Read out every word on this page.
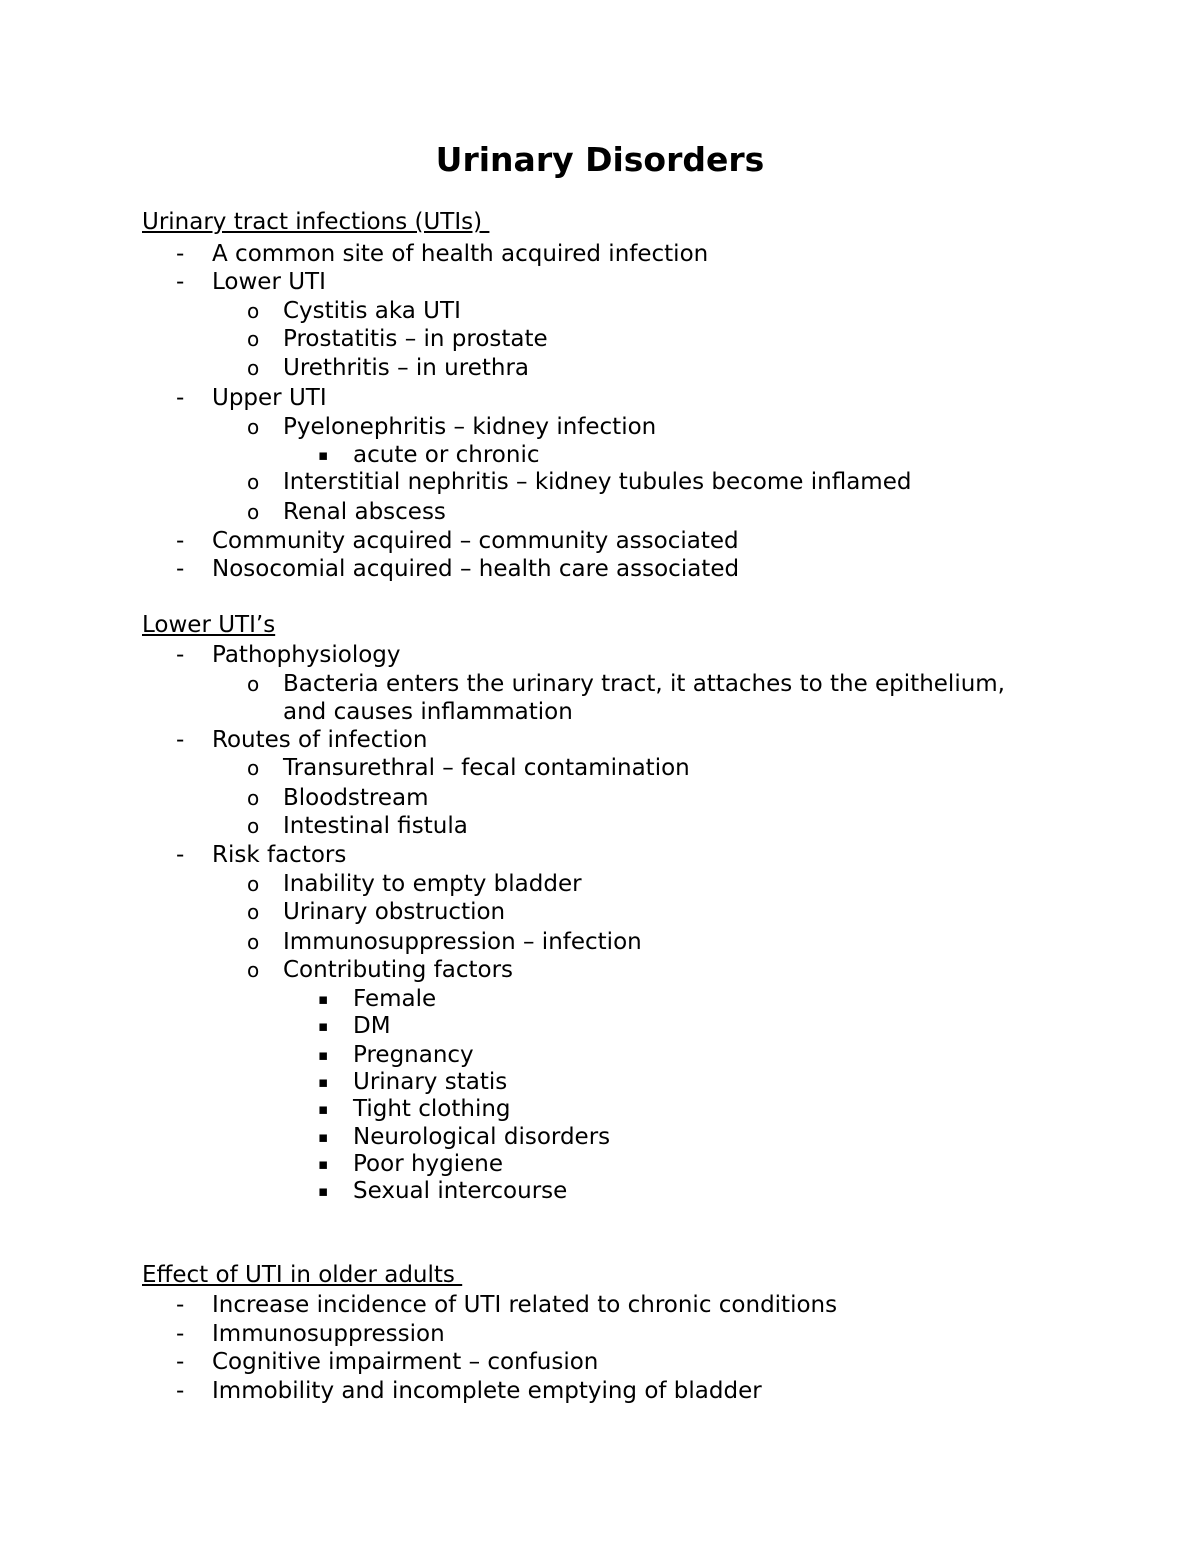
Urinary Disorders
Urinary tract infections (UTIs)
- A common site of health acquired infection
- Lower UTI
o Cystitis aka UTI
o Prostatitis – in prostate
o Urethritis – in urethra
- Upper UTI
o Pyelonephritis – kidney infection
▪ acute or chronic
o Interstitial nephritis – kidney tubules become inflamed
o Renal abscess
- Community acquired – community associated
- Nosocomial acquired – health care associated
Lower UTI’s
- Pathophysiology
o Bacteria enters the urinary tract, it attaches to the epithelium,
and causes inflammation
- Routes of infection
o Transurethral – fecal contamination
o Bloodstream
o Intestinal fistula
- Risk factors
o Inability to empty bladder
o Urinary obstruction
o Immunosuppression – infection
o Contributing factors
▪ Female
▪ DM
▪ Pregnancy
▪ Urinary statis
▪ Tight clothing
▪ Neurological disorders
▪ Poor hygiene
▪ Sexual intercourse
Effect of UTI in older adults
- Increase incidence of UTI related to chronic conditions
- Immunosuppression
- Cognitive impairment – confusion
- Immobility and incomplete emptying of bladder
